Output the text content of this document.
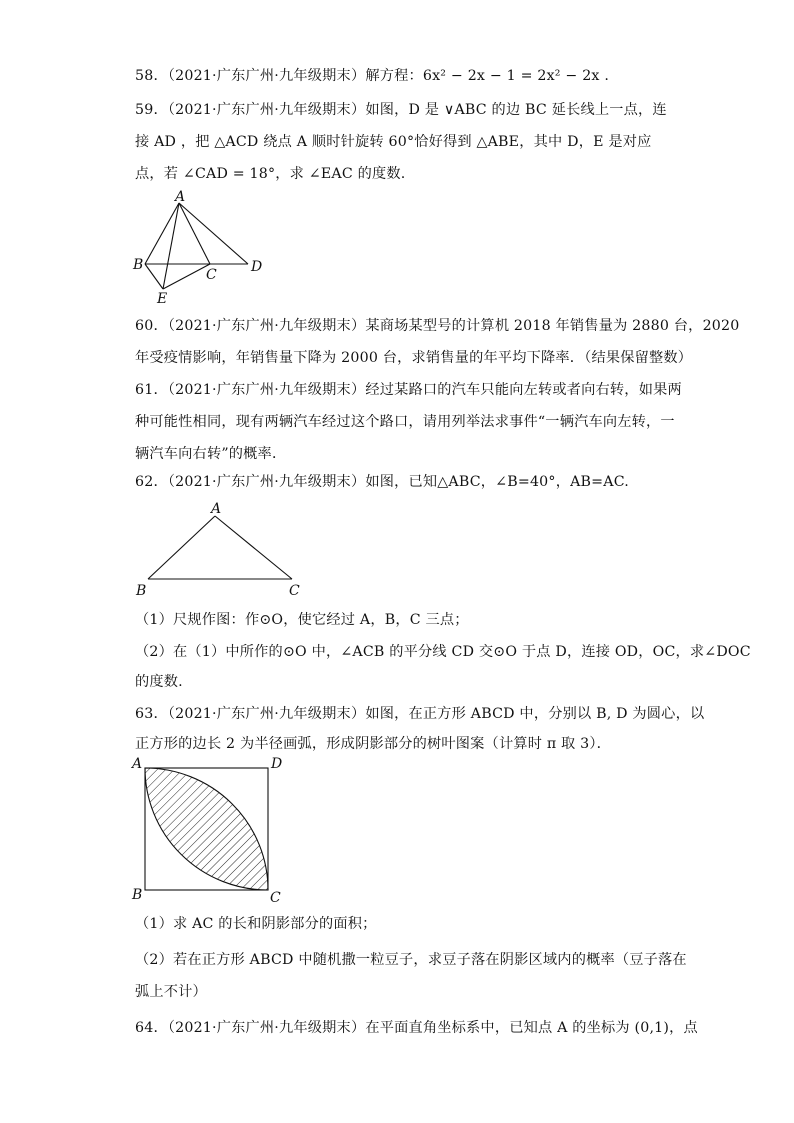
58．（2021·广东广州·九年级期末）解方程：6x² − 2x − 1 = 2x² − 2x .
59．（2021·广东广州·九年级期末）如图，D 是 ∨ABC 的边 BC 延长线上一点，连
接 AD ，把 △ACD 绕点 A 顺时针旋转 60°恰好得到 △ABE，其中 D，E 是对应
点，若 ∠CAD = 18°，求 ∠EAC 的度数.
A
B
C D
E
60．（2021·广东广州·九年级期末）某商场某型号的计算机 2018 年销售量为 2880 台，2020
年受疫情影响，年销售量下降为 2000 台，求销售量的年平均下降率．（结果保留整数）
61．（2021·广东广州·九年级期末）经过某路口的汽车只能向左转或者向右转，如果两
种可能性相同，现有两辆汽车经过这个路口，请用列举法求事件“一辆汽车向左转，一
辆汽车向右转”的概率．
62．（2021·广东广州·九年级期末）如图，已知△ABC，∠B=40°，AB=AC.
A
B	C
（1）尺规作图：作⊙O，使它经过 A，B，C 三点；
（2）在（1）中所作的⊙O 中，∠ACB 的平分线 CD 交⊙O 于点 D，连接 OD，OC，求∠DOC
的度数.
63．（2021·广东广州·九年级期末）如图，在正方形 ABCD 中，分别以 B, D 为圆心，以
正方形的边长 2 为半径画弧，形成阴影部分的树叶图案（计算时 π 取 3）．
A	D
B	C
（1）求 AC 的长和阴影部分的面积；
（2）若在正方形 ABCD 中随机撒一粒豆子，求豆子落在阴影区域内的概率（豆子落在
弧上不计）
64．（2021·广东广州·九年级期末）在平面直角坐标系中，已知点 A 的坐标为 (0,1)，点
